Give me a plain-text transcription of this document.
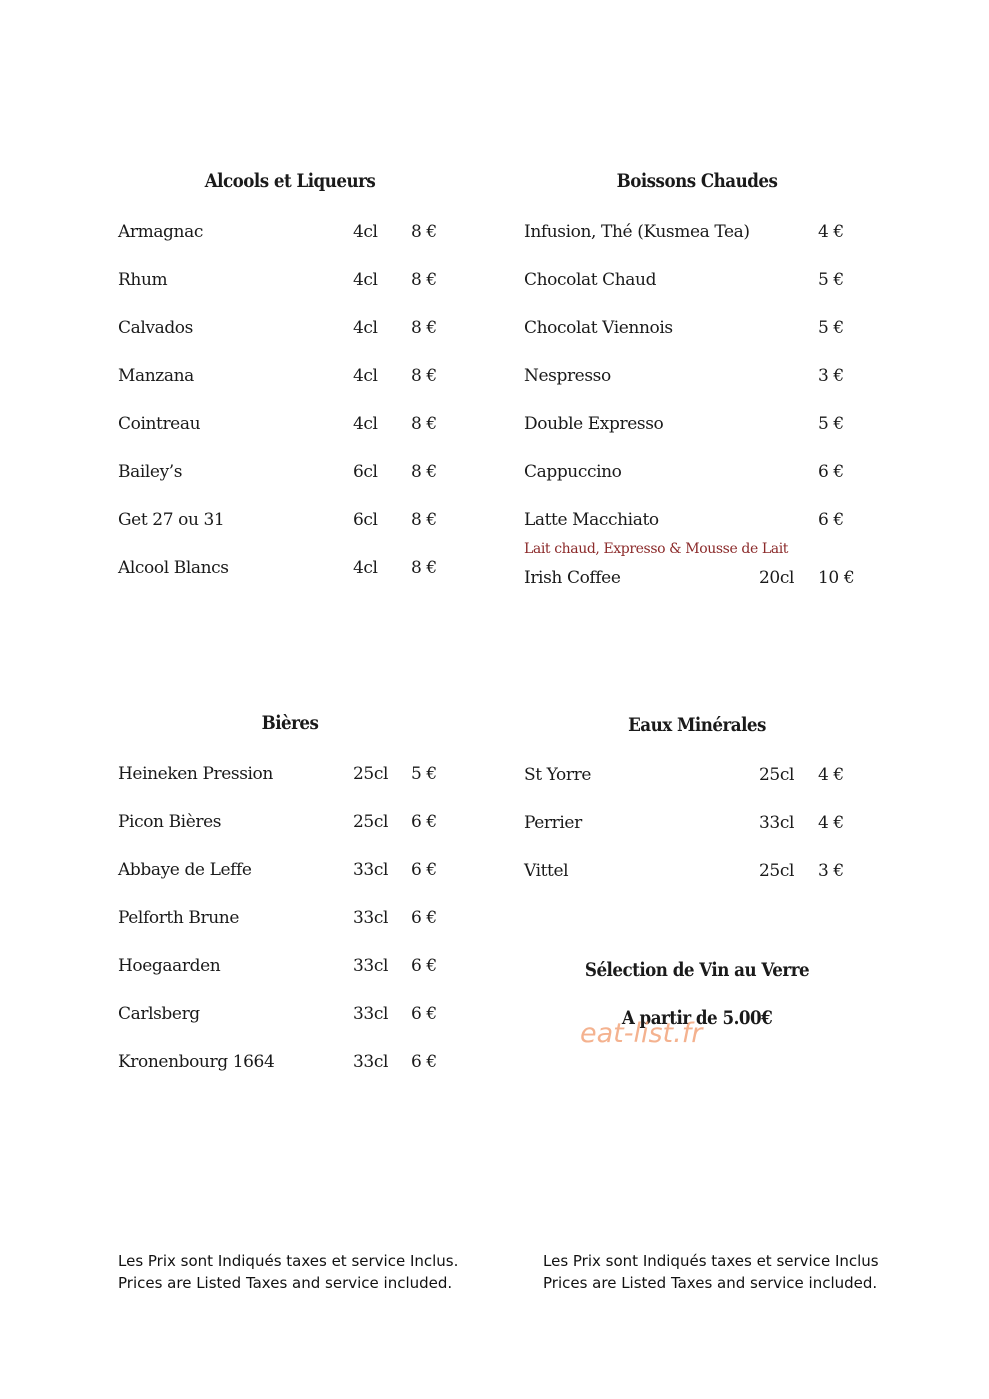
Alcools et Liqueurs
Armagnac	4cl 8 €
Rhum	4cl 8 €
Calvados	4cl 8 €
Manzana	4cl 8 €
Cointreau	4cl 8 €
Bailey’s	6cl 8 €
Get 27 ou 31	6cl 8 €
Alcool Blancs	4cl 8 €
Boissons Chaudes
Infusion, Thé (Kusmea Tea)	4 €
Chocolat Chaud	5 €
Chocolat Viennois	5 €
Nespresso	3 €
Double Expresso	5 €
Cappuccino	6 €
Latte Macchiato	6 €
Lait chaud, Expresso & Mousse de Lait
Irish Coffee	20cl 10 €
Bières
Heineken Pression	25cl 5 €
Picon Bières	25cl 6 €
Abbaye de Leffe	33cl 6 €
Pelforth Brune	33cl 6 €
Hoegaarden	33cl 6 €
Carlsberg	33cl 6 €
Kronenbourg 1664	33cl 6 €
Eaux Minérales
St Yorre	25cl 4 €
Perrier	33cl 4 €
Vittel	25cl 3 €
Sélection de Vin au Verre
A partir de 5.00€
eat-list.fr
Les Prix sont Indiqués taxes et service Inclus.
Prices are Listed Taxes and service included.
Les Prix sont Indiqués taxes et service Inclus
Prices are Listed Taxes and service included.
